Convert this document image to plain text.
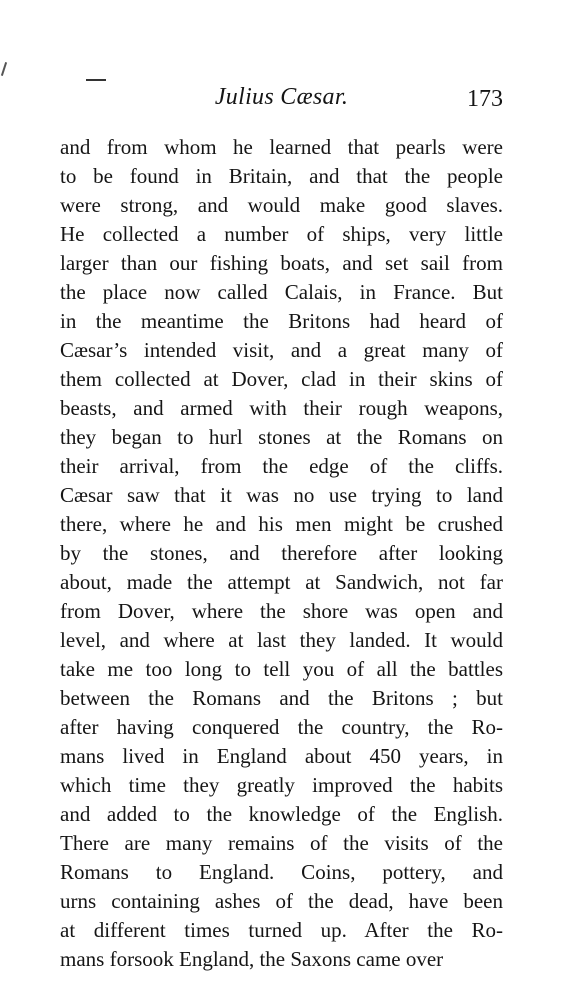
Julius Cæsar.	173
and from whom he learned that pearls were
to be found in Britain, and that the people
were strong, and would make good slaves.
He collected a number of ships, very little
larger than our fishing boats, and set sail from
the place now called Calais, in France. But
in the meantime the Britons had heard of
Cæsar’s intended visit, and a great many of
them collected at Dover, clad in their skins of
beasts, and armed with their rough weapons,
they began to hurl stones at the Romans on
their arrival, from the edge of the cliffs.
Cæsar saw that it was no use trying to land
there, where he and his men might be crushed
by the stones, and therefore after looking
about, made the attempt at Sandwich, not far
from Dover, where the shore was open and
level, and where at last they landed. It would
take me too long to tell you of all the battles
between the Romans and the Britons ; but
after having conquered the country, the Ro-
mans lived in England about 450 years, in
which time they greatly improved the habits
and added to the knowledge of the English.
There are many remains of the visits of the
Romans to England. Coins, pottery, and
urns containing ashes of the dead, have been
at different times turned up. After the Ro-
mans forsook England, the Saxons came over
